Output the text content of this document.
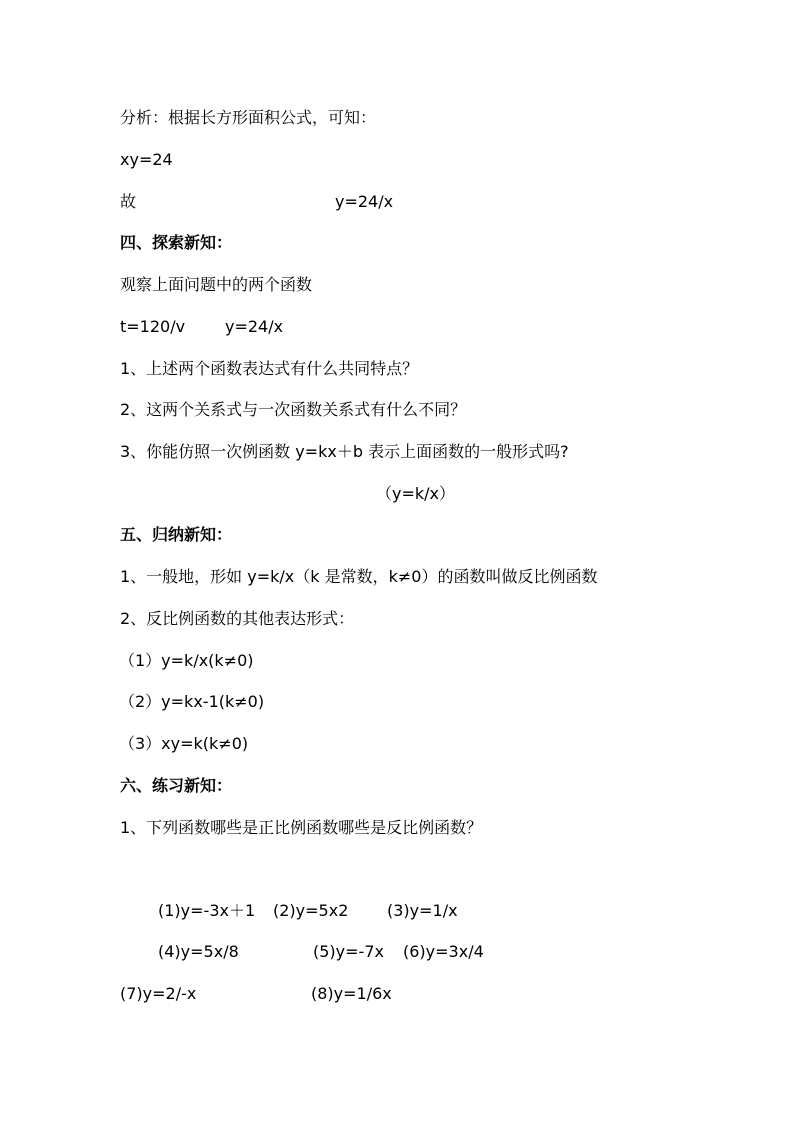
分析：根据长方形面积公式，可知：
xy=24
故	y=24/x
四、探索新知：
观察上面问题中的两个函数
t=120/v y=24/x
1、上述两个函数表达式有什么共同特点？
2、这两个关系式与一次函数关系式有什么不同？
3、你能仿照一次例函数 y=kx＋b 表示上面函数的一般形式吗?
（y=k/x）
五、归纳新知：
1、一般地，形如 y=k/x（k 是常数，k≠0）的函数叫做反比例函数
2、反比例函数的其他表达形式：
（1）y=k/x(k≠0)
（2）y=kx-1(k≠0)
（3）xy=k(k≠0)
六、练习新知：
1、下列函数哪些是正比例函数哪些是反比例函数？
(1)y=-3x＋1 (2)y=5x2 (3)y=1/x
(4)y=5x/8	(5)y=-7x (6)y=3x/4
(7)y=2/-x	(8)y=1/6x
